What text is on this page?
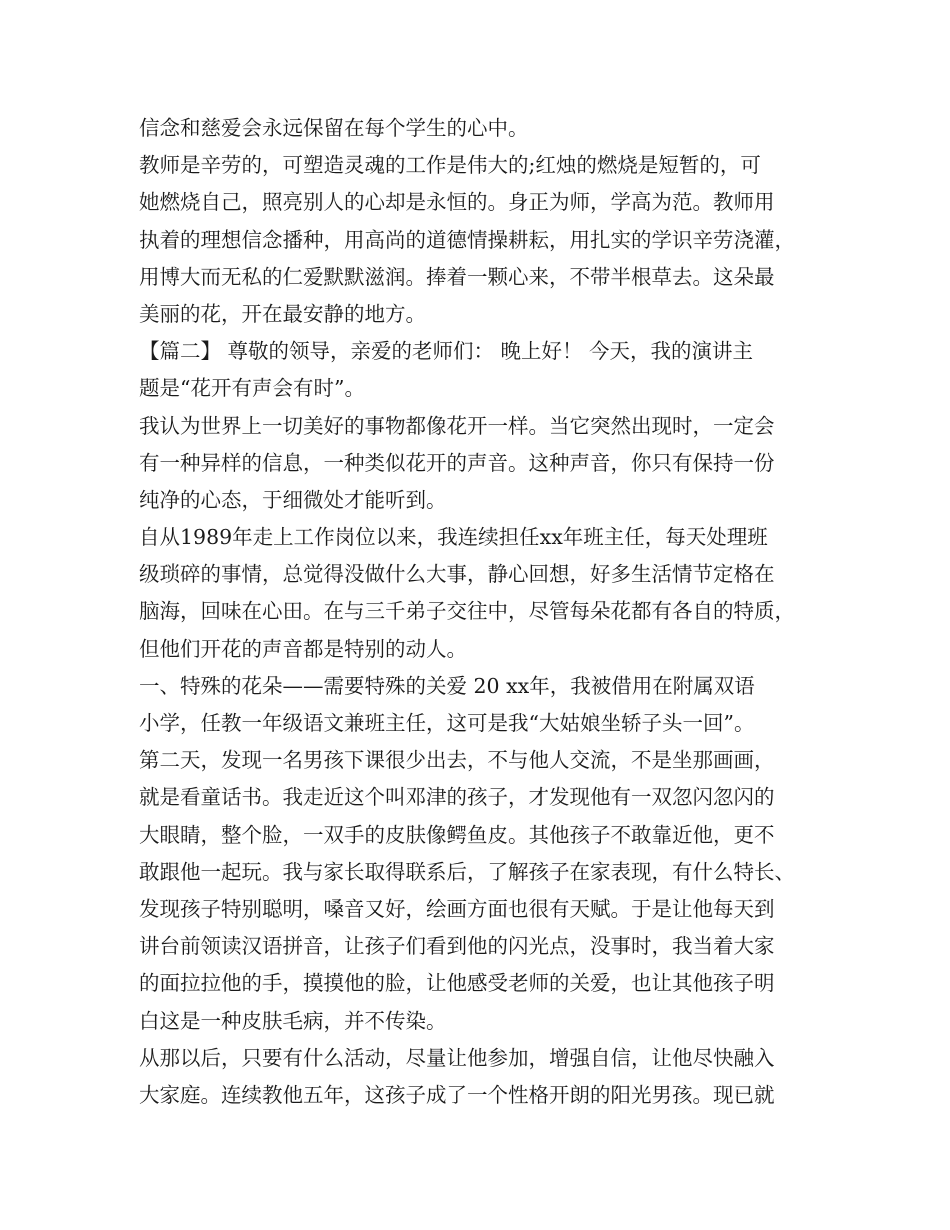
信念和慈爱会永远保留在每个学生的心中。
教师是辛劳的，可塑造灵魂的工作是伟大的;红烛的燃烧是短暂的，可
她燃烧自己，照亮别人的心却是永恒的。身正为师，学高为范。教师用
执着的理想信念播种，用高尚的道德情操耕耘，用扎实的学识辛劳浇灌，
用博大而无私的仁爱默默滋润。捧着一颗心来，不带半根草去。这朵最
美丽的花，开在最安静的地方。
【篇二】 尊敬的领导，亲爱的老师们： 晚上好！ 今天，我的演讲主
题是“花开有声会有时”。
我认为世界上一切美好的事物都像花开一样。当它突然出现时，一定会
有一种异样的信息，一种类似花开的声音。这种声音，你只有保持一份
纯净的心态，于细微处才能听到。
自从1989年走上工作岗位以来，我连续担任xx年班主任，每天处理班
级琐碎的事情，总觉得没做什么大事，静心回想，好多生活情节定格在
脑海，回味在心田。在与三千弟子交往中，尽管每朵花都有各自的特质，
但他们开花的声音都是特别的动人。
一、特殊的花朵——需要特殊的关爱 20 xx年，我被借用在附属双语
小学，任教一年级语文兼班主任，这可是我“大姑娘坐轿子头一回”。
第二天，发现一名男孩下课很少出去，不与他人交流，不是坐那画画，
就是看童话书。我走近这个叫邓津的孩子，才发现他有一双忽闪忽闪的
大眼睛，整个脸，一双手的皮肤像鳄鱼皮。其他孩子不敢靠近他，更不
敢跟他一起玩。我与家长取得联系后，了解孩子在家表现，有什么特长、
发现孩子特别聪明，嗓音又好，绘画方面也很有天赋。于是让他每天到
讲台前领读汉语拼音，让孩子们看到他的闪光点，没事时，我当着大家
的面拉拉他的手，摸摸他的脸，让他感受老师的关爱，也让其他孩子明
白这是一种皮肤毛病，并不传染。
从那以后，只要有什么活动，尽量让他参加，增强自信，让他尽快融入
大家庭。连续教他五年，这孩子成了一个性格开朗的阳光男孩。现已就
